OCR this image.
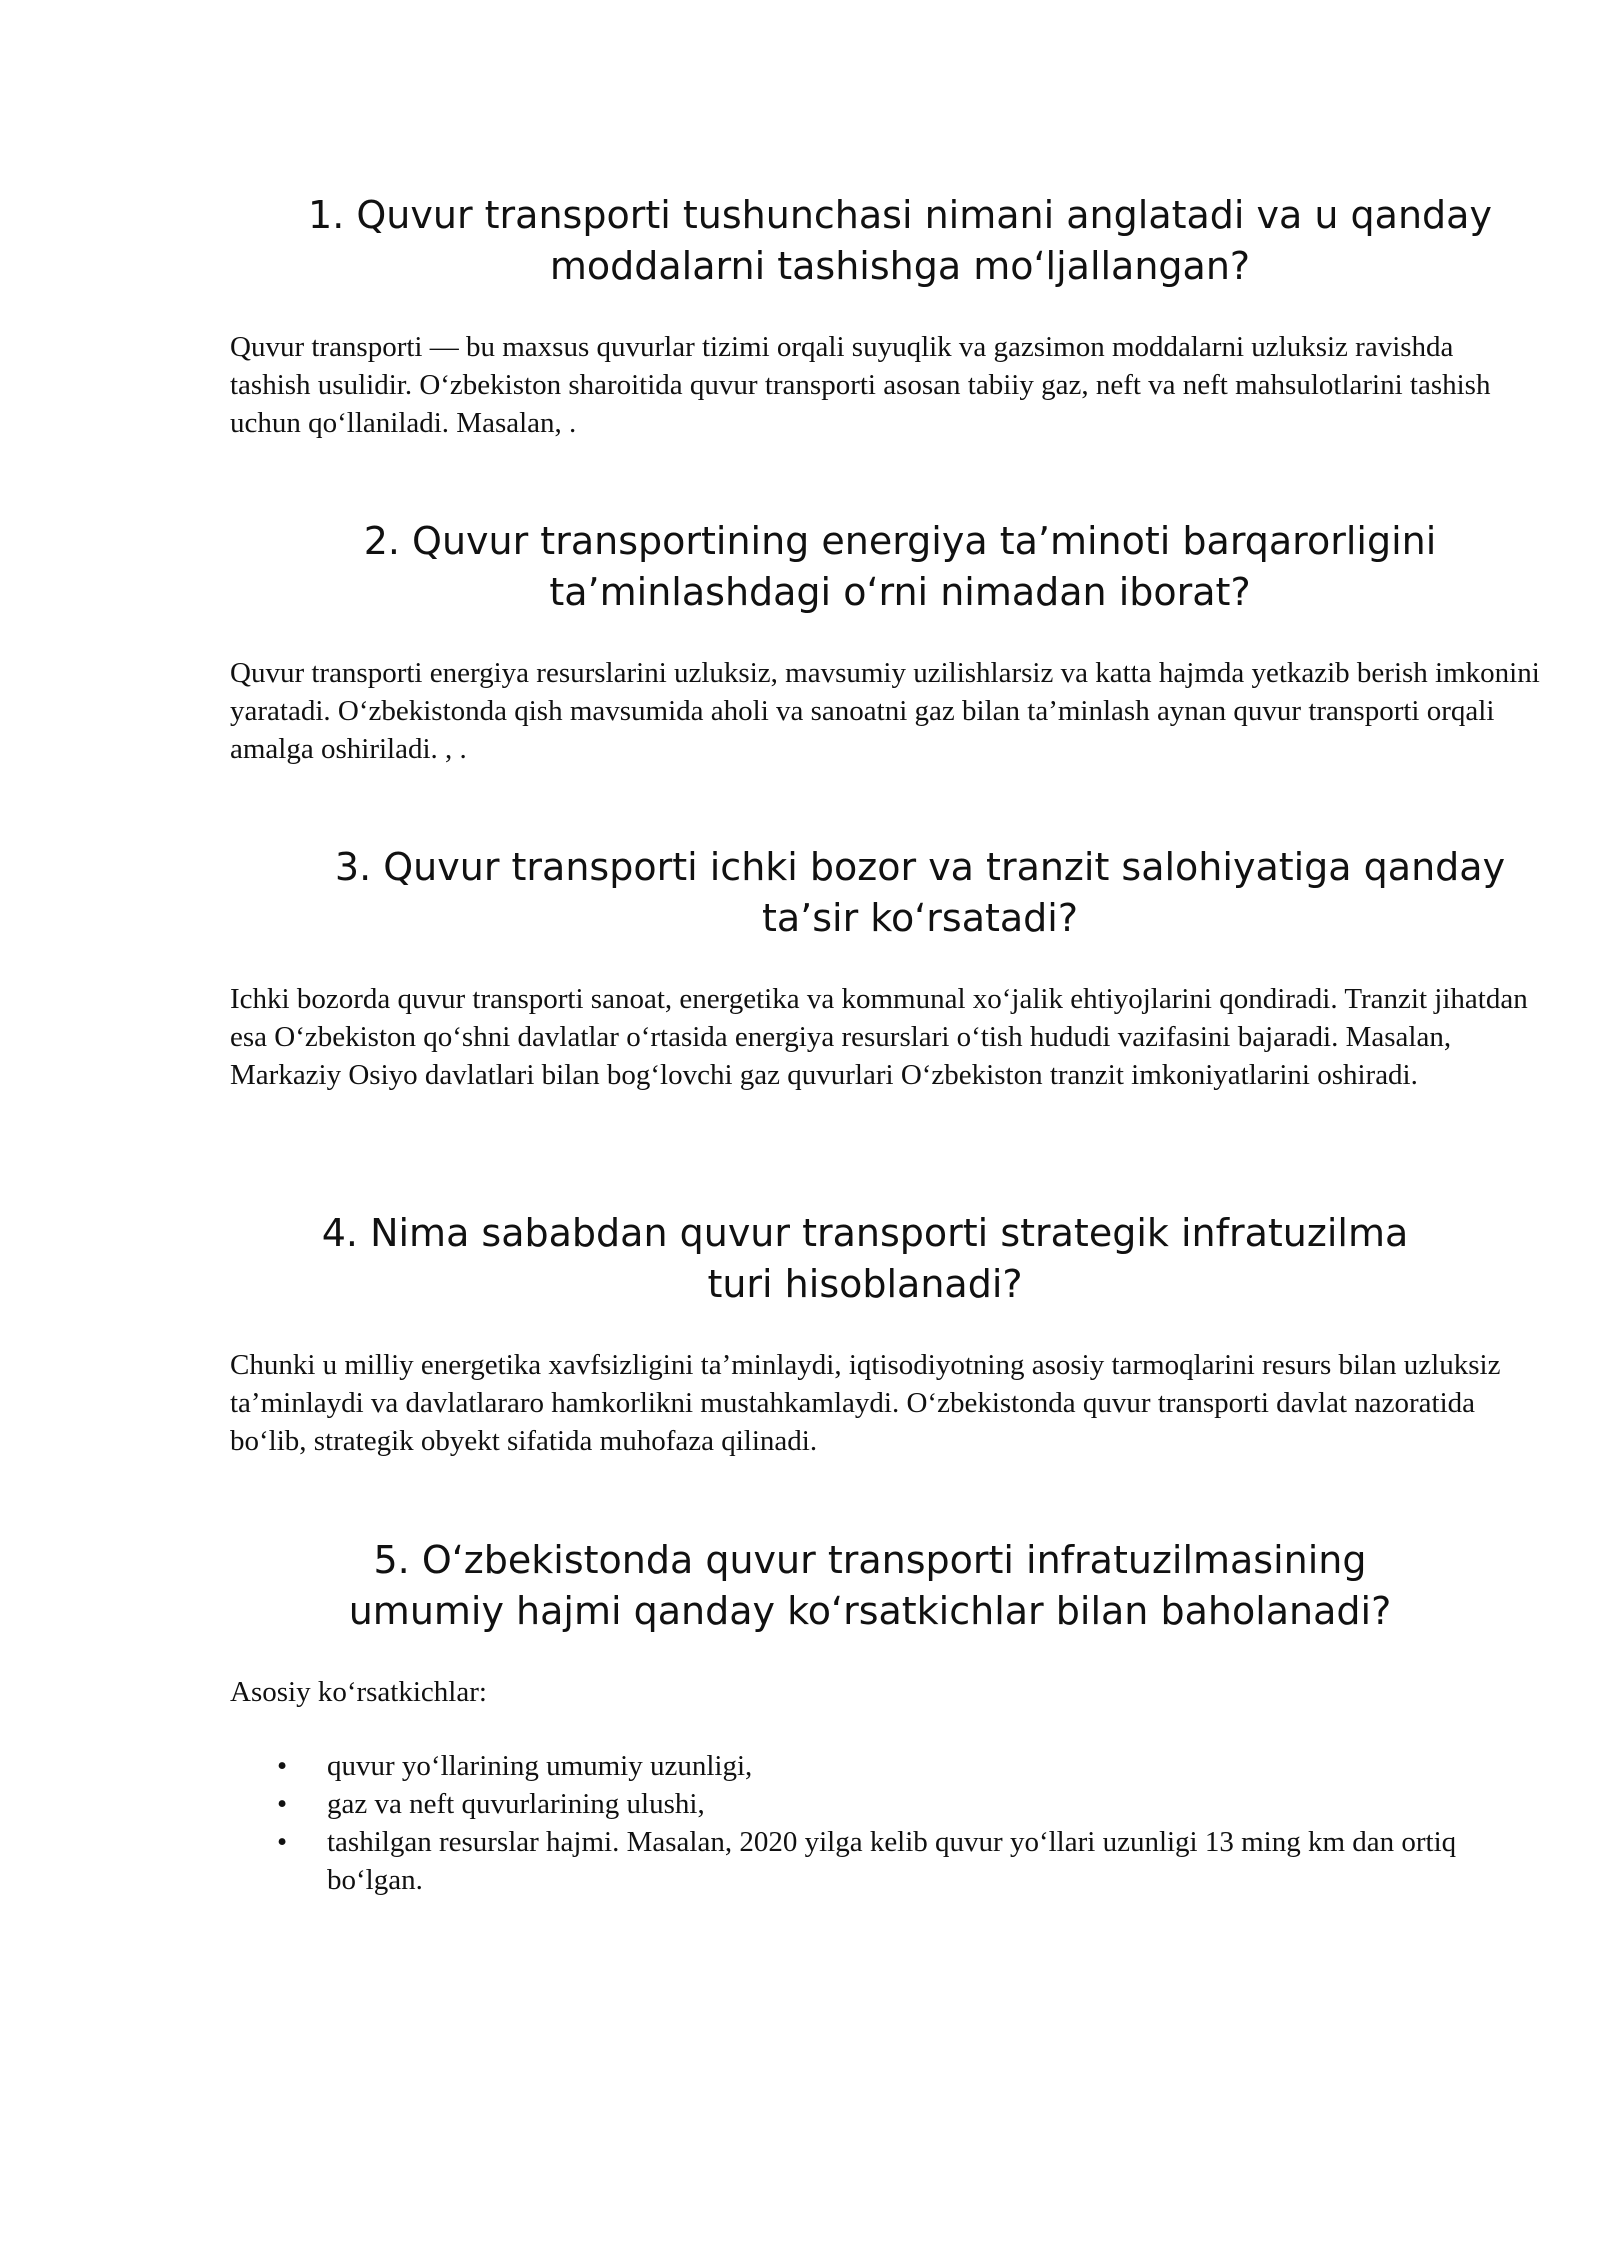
1. Quvur transporti tushunchasi nimani anglatadi va u qanday moddalarni tashishga mo‘ljallangan?

Quvur transporti — bu maxsus quvurlar tizimi orqali suyuqlik va gazsimon moddalarni uzluksiz ravishda tashish usulidir. O‘zbekiston sharoitida quvur transporti asosan tabiiy gaz, neft va neft mahsulotlarini tashish uchun qo‘llaniladi. Masalan, .

2. Quvur transportining energiya ta’minoti barqarorligini ta’minlashdagi o‘rni nimadan iborat?

Quvur transporti energiya resurslarini uzluksiz, mavsumiy uzilishlarsiz va katta hajmda yetkazib berish imkonini yaratadi. O‘zbekistonda qish mavsumida aholi va sanoatni gaz bilan ta’minlash aynan quvur transporti orqali amalga oshiriladi. , .

3. Quvur transporti ichki bozor va tranzit salohiyatiga qanday ta’sir ko‘rsatadi?

Ichki bozorda quvur transporti sanoat, energetika va kommunal xo‘jalik ehtiyojlarini qondiradi. Tranzit jihatdan esa O‘zbekiston qo‘shni davlatlar o‘rtasida energiya resurslari o‘tish hududi vazifasini bajaradi. Masalan, Markaziy Osiyo davlatlari bilan bog‘lovchi gaz quvurlari O‘zbekiston tranzit imkoniyatlarini oshiradi.

4. Nima sababdan quvur transporti strategik infratuzilma turi hisoblanadi?

Chunki u milliy energetika xavfsizligini ta’minlaydi, iqtisodiyotning asosiy tarmoqlarini resurs bilan uzluksiz ta’minlaydi va davlatlararo hamkorlikni mustahkamlaydi. O‘zbekistonda quvur transporti davlat nazoratida bo‘lib, strategik obyekt sifatida muhofaza qilinadi.

5. O‘zbekistonda quvur transporti infratuzilmasining umumiy hajmi qanday ko‘rsatkichlar bilan baholanadi?

Asosiy ko‘rsatkichlar:

• quvur yo‘llarining umumiy uzunligi,
• gaz va neft quvurlarining ulushi,
• tashilgan resurslar hajmi. Masalan, 2020 yilga kelib quvur yo‘llari uzunligi 13 ming km dan ortiq bo‘lgan.
